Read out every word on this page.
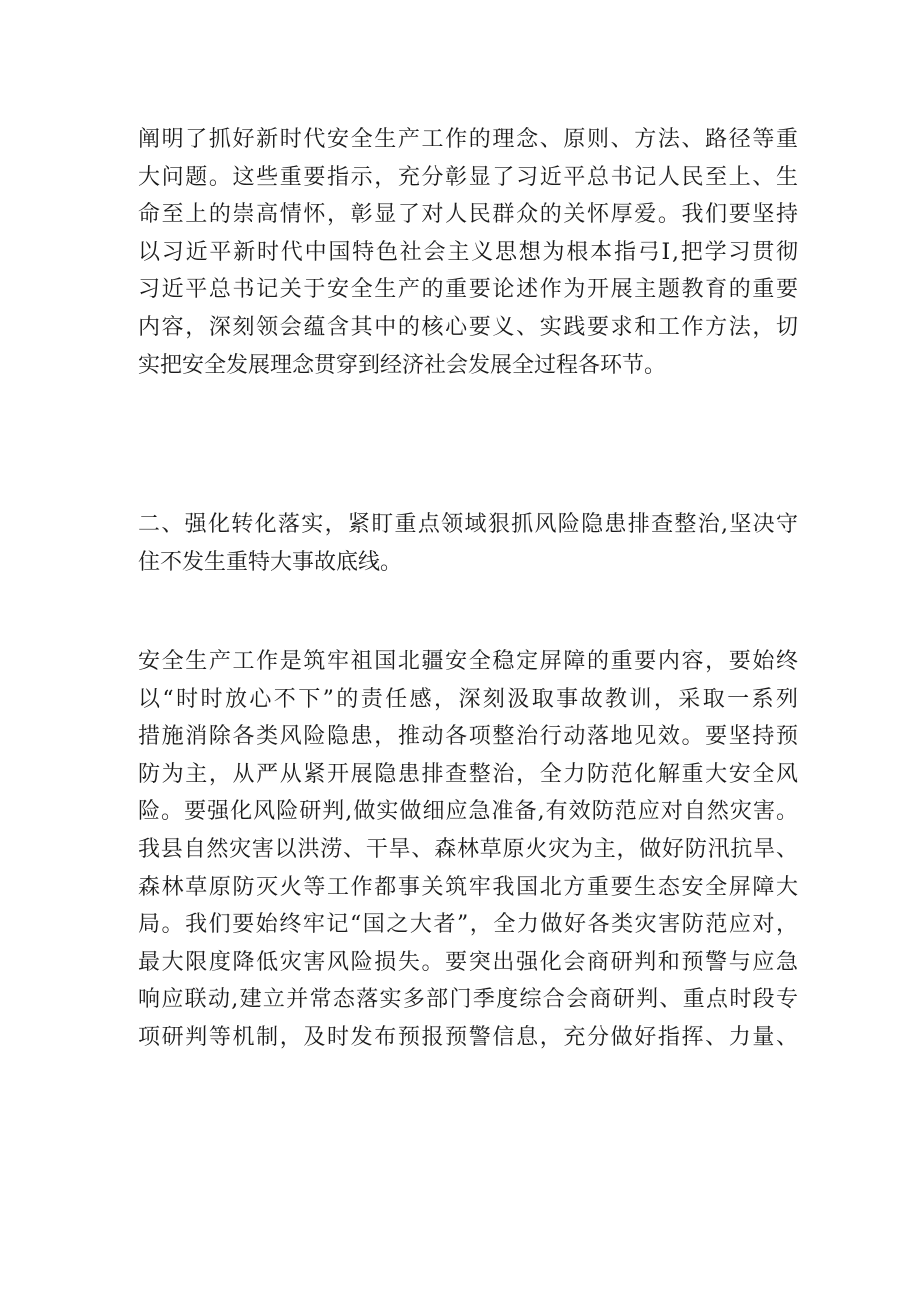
阐明了抓好新时代安全生产工作的理念、原则、方法、路径等重
大问题。这些重要指示，充分彰显了习近平总书记人民至上、生
命至上的崇高情怀，彰显了对人民群众的关怀厚爱。我们要坚持
以习近平新时代中国特色社会主义思想为根本指弓Ⅰ,把学习贯彻
习近平总书记关于安全生产的重要论述作为开展主题教育的重要
内容，深刻领会蕴含其中的核心要义、实践要求和工作方法，切
实把安全发展理念贯穿到经济社会发展全过程各环节。
二、强化转化落实，紧盯重点领域狠抓风险隐患排查整治,坚决守
住不发生重特大事故底线。
安全生产工作是筑牢祖国北疆安全稳定屏障的重要内容，要始终
以“时时放心不下”的责任感，深刻汲取事故教训，采取一系列
措施消除各类风险隐患，推动各项整治行动落地见效。要坚持预
防为主，从严从紧开展隐患排查整治，全力防范化解重大安全风
险。要强化风险研判,做实做细应急准备,有效防范应对自然灾害。
我县自然灾害以洪涝、干旱、森林草原火灾为主，做好防汛抗旱、
森林草原防灭火等工作都事关筑牢我国北方重要生态安全屏障大
局。我们要始终牢记“国之大者”，全力做好各类灾害防范应对，
最大限度降低灾害风险损失。要突出强化会商研判和预警与应急
响应联动,建立并常态落实多部门季度综合会商研判、重点时段专
项研判等机制，及时发布预报预警信息，充分做好指挥、力量、
